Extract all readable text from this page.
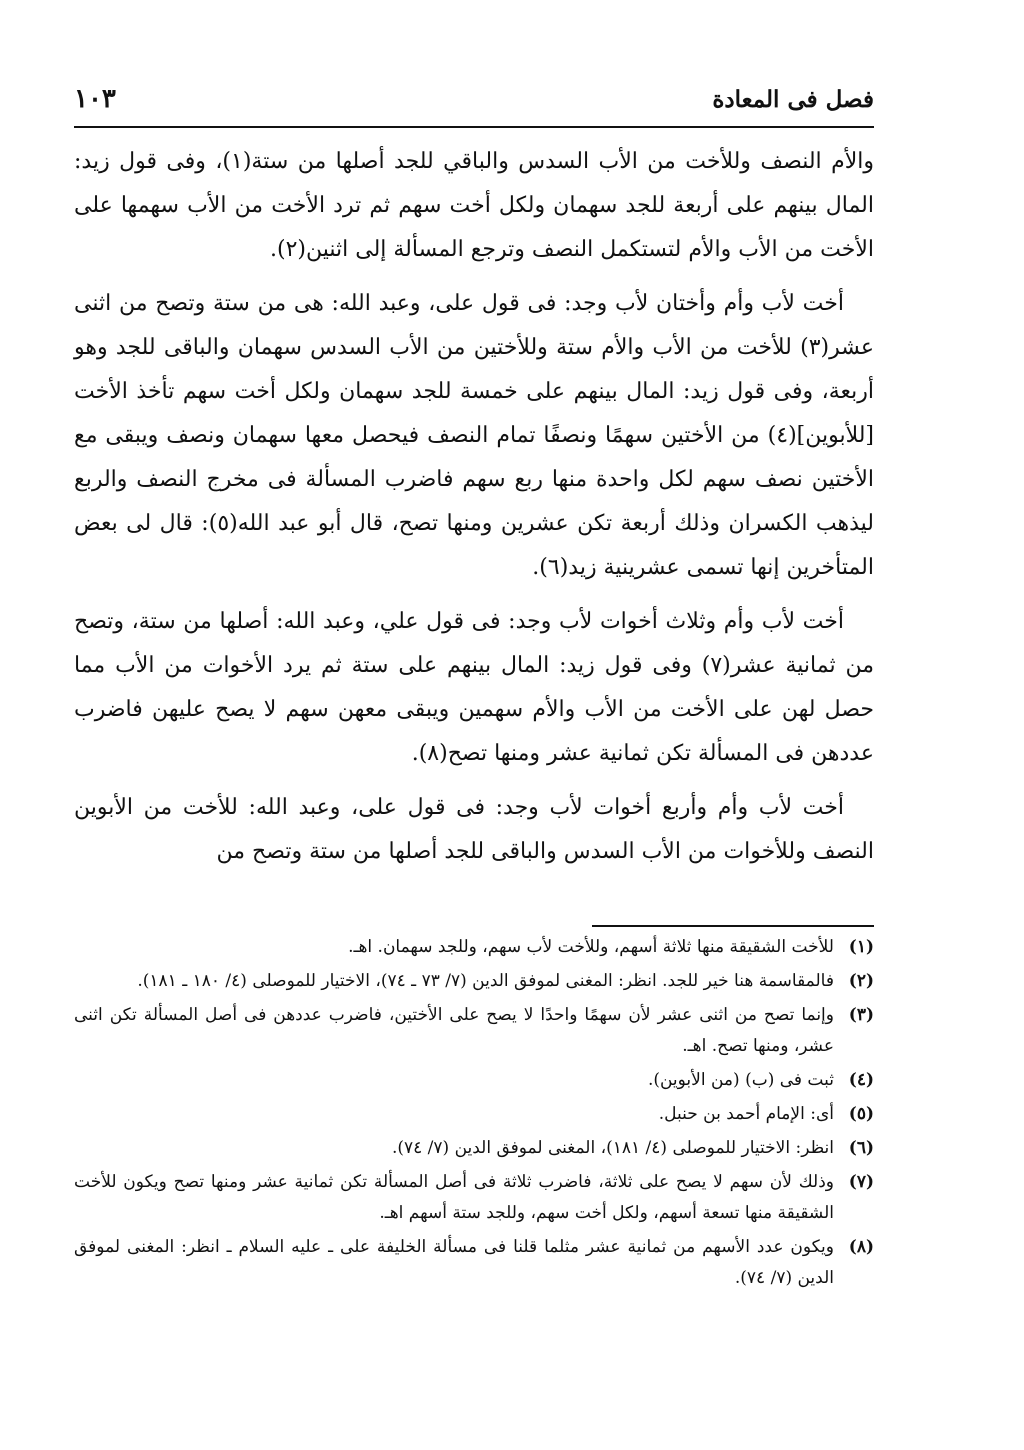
فصل فى المعادة
١٠٣

والأم النصف وللأخت من الأب السدس والباقي للجد أصلها من ستة(١)، وفى قول زيد: المال بينهم على أربعة للجد سهمان ولكل أخت سهم ثم ترد الأخت من الأب سهمها على الأخت من الأب والأم لتستكمل النصف وترجع المسألة إلى اثنين(٢).

أخت لأب وأم وأختان لأب وجد: فى قول على، وعبد الله: هى من ستة وتصح من اثنى عشر(٣) للأخت من الأب والأم ستة وللأختين من الأب السدس سهمان والباقى للجد وهو أربعة، وفى قول زيد: المال بينهم على خمسة للجد سهمان ولكل أخت سهم تأخذ الأخت [للأبوين](٤) من الأختين سهمًا ونصفًا تمام النصف فيحصل معها سهمان ونصف ويبقى مع الأختين نصف سهم لكل واحدة منها ربع سهم فاضرب المسألة فى مخرج النصف والربع ليذهب الكسران وذلك أربعة تكن عشرين ومنها تصح، قال أبو عبد الله(٥): قال لى بعض المتأخرين إنها تسمى عشرينية زيد(٦).

أخت لأب وأم وثلاث أخوات لأب وجد: فى قول علي، وعبد الله: أصلها من ستة، وتصح من ثمانية عشر(٧) وفى قول زيد: المال بينهم على ستة ثم يرد الأخوات من الأب مما حصل لهن على الأخت من الأب والأم سهمين ويبقى معهن سهم لا يصح عليهن فاضرب عددهن فى المسألة تكن ثمانية عشر ومنها تصح(٨).

أخت لأب وأم وأربع أخوات لأب وجد: فى قول على، وعبد الله: للأخت من الأبوين النصف وللأخوات من الأب السدس والباقى للجد أصلها من ستة وتصح من

(١)
للأخت الشقيقة منها ثلاثة أسهم، وللأخت لأب سهم، وللجد سهمان. اهـ.
(٢)
فالمقاسمة هنا خير للجد. انظر: المغنى لموفق الدين (٧/ ٧٣ ـ ٧٤)، الاختيار للموصلى (٤/ ١٨٠ ـ ١٨١).
(٣)
وإنما تصح من اثنى عشر لأن سهمًا واحدًا لا يصح على الأختين، فاضرب عددهن فى أصل المسألة تكن اثنى عشر، ومنها تصح. اهـ.
(٤)
ثبت فى (ب) (من الأبوين).
(٥)
أى: الإمام أحمد بن حنبل.
(٦)
انظر: الاختيار للموصلى (٤/ ١٨١)، المغنى لموفق الدين (٧/ ٧٤).
(٧)
وذلك لأن سهم لا يصح على ثلاثة، فاضرب ثلاثة فى أصل المسألة تكن ثمانية عشر ومنها تصح ويكون للأخت الشقيقة منها تسعة أسهم، ولكل أخت سهم، وللجد ستة أسهم اهـ.
(٨)
ويكون عدد الأسهم من ثمانية عشر مثلما قلنا فى مسألة الخليفة على ـ عليه السلام ـ انظر: المغنى لموفق الدين (٧/ ٧٤).
